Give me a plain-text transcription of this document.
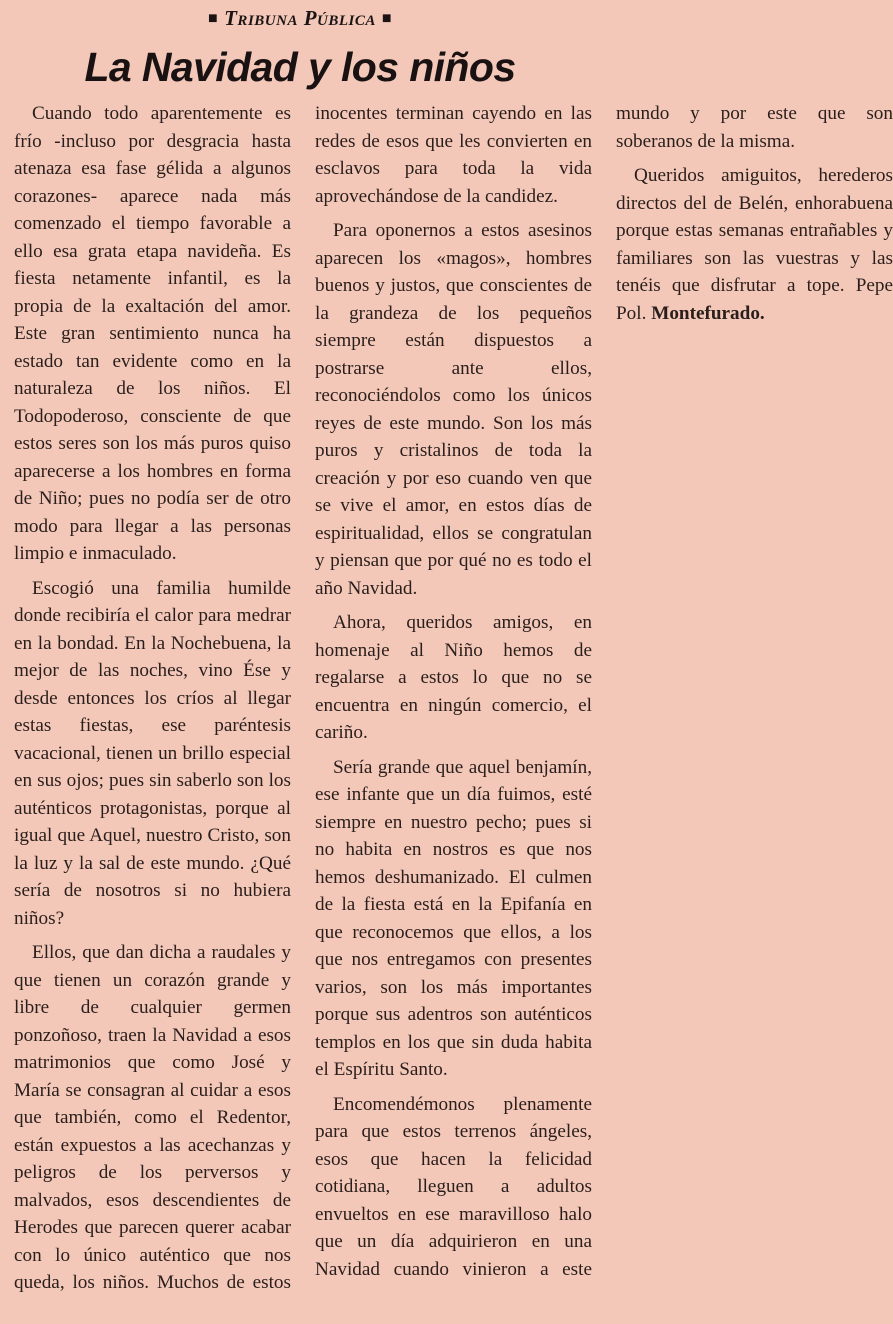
■ Tribuna Pública ■
La Navidad y los niños

Cuando todo aparentemente es frío -incluso por desgracia hasta atenaza esa fase gélida a algunos corazones- aparece nada más comenzado el tiempo favorable a ello esa grata etapa navideña. Es fiesta netamente infantil, es la propia de la exaltación del amor. Este gran sentimiento nunca ha estado tan evidente como en la naturaleza de los niños. El Todopoderoso, consciente de que estos seres son los más puros quiso aparecerse a los hombres en forma de Niño; pues no podía ser de otro modo para llegar a las personas limpio e inmaculado.

Escogió una familia humilde donde recibiría el calor para medrar en la bondad. En la Nochebuena, la mejor de las noches, vino Ése y desde entonces los críos al llegar estas fiestas, ese paréntesis vacacional, tienen un brillo especial en sus ojos; pues sin saberlo son los auténticos protagonistas, porque al igual que Aquel, nuestro Cristo, son la luz y la sal de este mundo. ¿Qué sería de nosotros si no hubiera niños?

Ellos, que dan dicha a raudales y que tienen un corazón grande y libre de cualquier germen ponzoñoso, traen la Navidad a esos matrimonios que como José y María se consagran al cuidar a esos que también, como el Redentor, están expuestos a las acechanzas y peligros de los perversos y malvados, esos descendientes de Herodes que parecen querer acabar con lo único auténtico que nos queda, los niños. Muchos de estos inocentes terminan cayendo en las redes de esos que les convierten en esclavos para toda la vida aprovechándose de la candidez.

Para oponernos a estos asesinos aparecen los «magos», hombres buenos y justos, que conscientes de la grandeza de los pequeños siempre están dispuestos a postrarse ante ellos, reconociéndolos como los únicos reyes de este mundo. Son los más puros y cristalinos de toda la creación y por eso cuando ven que se vive el amor, en estos días de espiritualidad, ellos se congratulan y piensan que por qué no es todo el año Navidad.

Ahora, queridos amigos, en homenaje al Niño hemos de regalarse a estos lo que no se encuentra en ningún comercio, el cariño.

Sería grande que aquel benjamín, ese infante que un día fuimos, esté siempre en nuestro pecho; pues si no habita en nostros es que nos hemos deshumanizado. El culmen de la fiesta está en la Epifanía en que reconocemos que ellos, a los que nos entregamos con presentes varios, son los más importantes porque sus adentros son auténticos templos en los que sin duda habita el Espíritu Santo.

Encomendémonos plenamente para que estos terrenos ángeles, esos que hacen la felicidad cotidiana, lleguen a adultos envueltos en ese maravilloso halo que un día adquirieron en una Navidad cuando vinieron a este mundo y por este que son soberanos de la misma.

Queridos amiguitos, herederos directos del de Belén, enhorabuena porque estas semanas entrañables y familiares son las vuestras y las tenéis que disfrutar a tope. Pepe Pol. Montefurado.
